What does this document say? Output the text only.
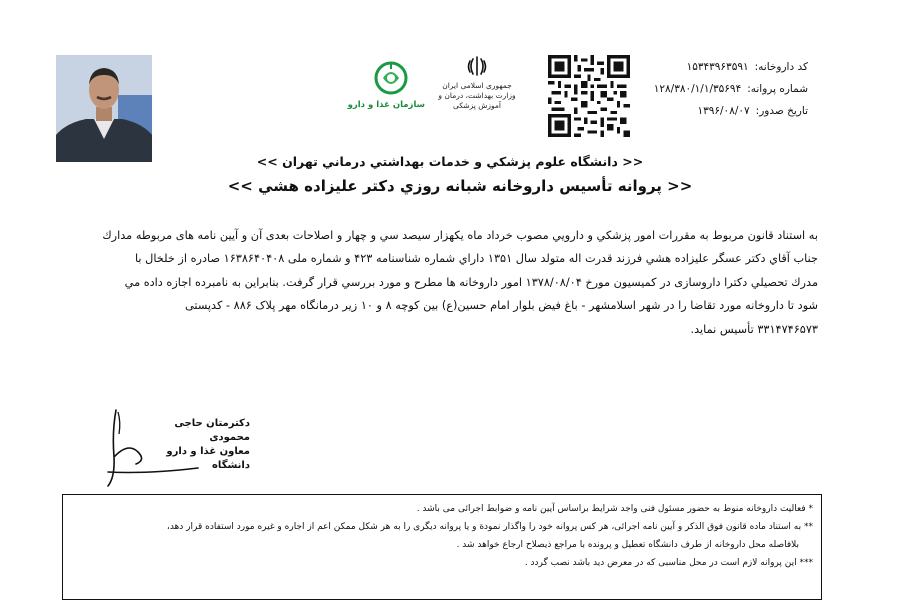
کد داروخانه:
۱۵۳۴۳۹۶۳۵۹۱
شماره پروانه:
۱۲۸/۳۸۰/۱/۱/۳۵۶۹۴
تاریخ صدور:
۱۳۹۶/۰۸/۰۷
جمهوری اسلامی ایران
وزارت بهداشت، درمان و آموزش پزشکی
سازمان غذا و دارو
<< دانشگاه علوم پزشكي و خدمات بهداشتي درماني تهران >>
<< پروانه تأسيس داروخانه شبانه روزي دكتر عليزاده هشي >>
به استناد قانون مربوط به مقررات امور پزشكي و دارويي مصوب خرداد ماه يكهزار سيصد سي و چهار و اصلاحات بعدی آن و آيين نامه های مربوطه مدارك
جناب آقاي دكتر عسگر عليزاده هشي فرزند قدرت اله متولد سال ۱۳۵۱ داراي شماره شناسنامه ۴۲۳ و شماره ملی ۱۶۳۸۶۴۰۴۰۸ صادره از خلخال با
مدرك تحصيلي دكترا داروسازی در كميسيون مورخ ۱۳۷۸/۰۸/۰۴ امور داروخانه ها مطرح و مورد بررسي قرار گرفت. بنابراين به نامبرده اجازه داده مي
شود تا داروخانه مورد تقاضا را در شهر اسلامشهر - باغ فيض بلوار امام حسين(ع) بين كوچه ۸ و ۱۰ زير درمانگاه مهر پلاک ۸۸۶ - كدپستی
۳۳۱۴۷۴۶۵۷۳ تأسيس نمايد.
دکترمتان حاجی محمودی
معاون غذا و دارو دانشگاه
* فعاليت داروخانه منوط به حضور مسئول فنی واجد شرايط براساس آيين نامه و ضوابط اجرائی می باشد .
** به استناد ماده قانون فوق الذكر و آيين نامه اجرائی، هر كس پروانه خود را واگذار نمودة و يا پروانه ديگری را به هر شكل ممكن اعم از اجاره و غيره مورد استفاده قرار دهد،
بلافاصله محل داروخانه از طرف دانشگاه تعطيل و پرونده با مراجع ذيصلاح ارجاع خواهد شد .
*** اين پروانه لازم است در محل مناسبی كه در معرض ديد باشد نصب گردد .
